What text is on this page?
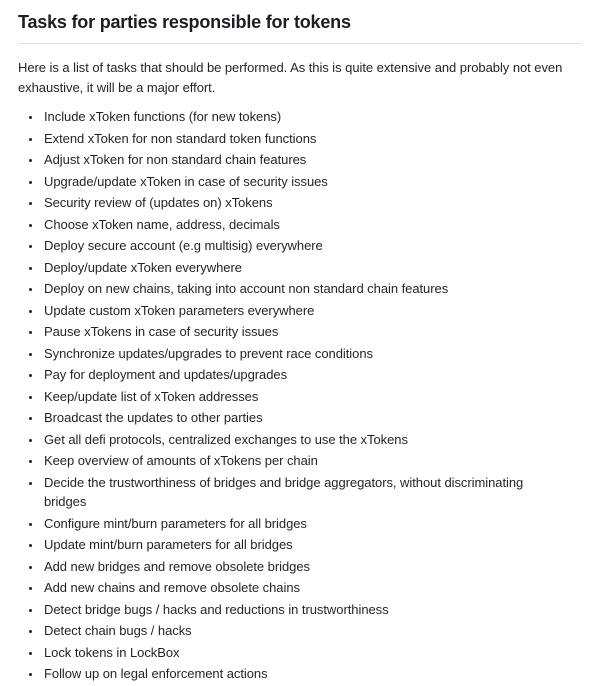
Tasks for parties responsible for tokens

Here is a list of tasks that should be performed. As this is quite extensive and probably not even exhaustive, it will be a major effort.

• Include xToken functions (for new tokens)
• Extend xToken for non standard token functions
• Adjust xToken for non standard chain features
• Upgrade/update xToken in case of security issues
• Security review of (updates on) xTokens
• Choose xToken name, address, decimals
• Deploy secure account (e.g multisig) everywhere
• Deploy/update xToken everywhere
• Deploy on new chains, taking into account non standard chain features
• Update custom xToken parameters everywhere
• Pause xTokens in case of security issues
• Synchronize updates/upgrades to prevent race conditions
• Pay for deployment and updates/upgrades
• Keep/update list of xToken addresses
• Broadcast the updates to other parties
• Get all defi protocols, centralized exchanges to use the xTokens
• Keep overview of amounts of xTokens per chain
• Decide the trustworthiness of bridges and bridge aggregators, without discriminating bridges
• Configure mint/burn parameters for all bridges
• Update mint/burn parameters for all bridges
• Add new bridges and remove obsolete bridges
• Add new chains and remove obsolete chains
• Detect bridge bugs / hacks and reductions in trustworthiness
• Detect chain bugs / hacks
• Lock tokens in LockBox
• Follow up on legal enforcement actions
